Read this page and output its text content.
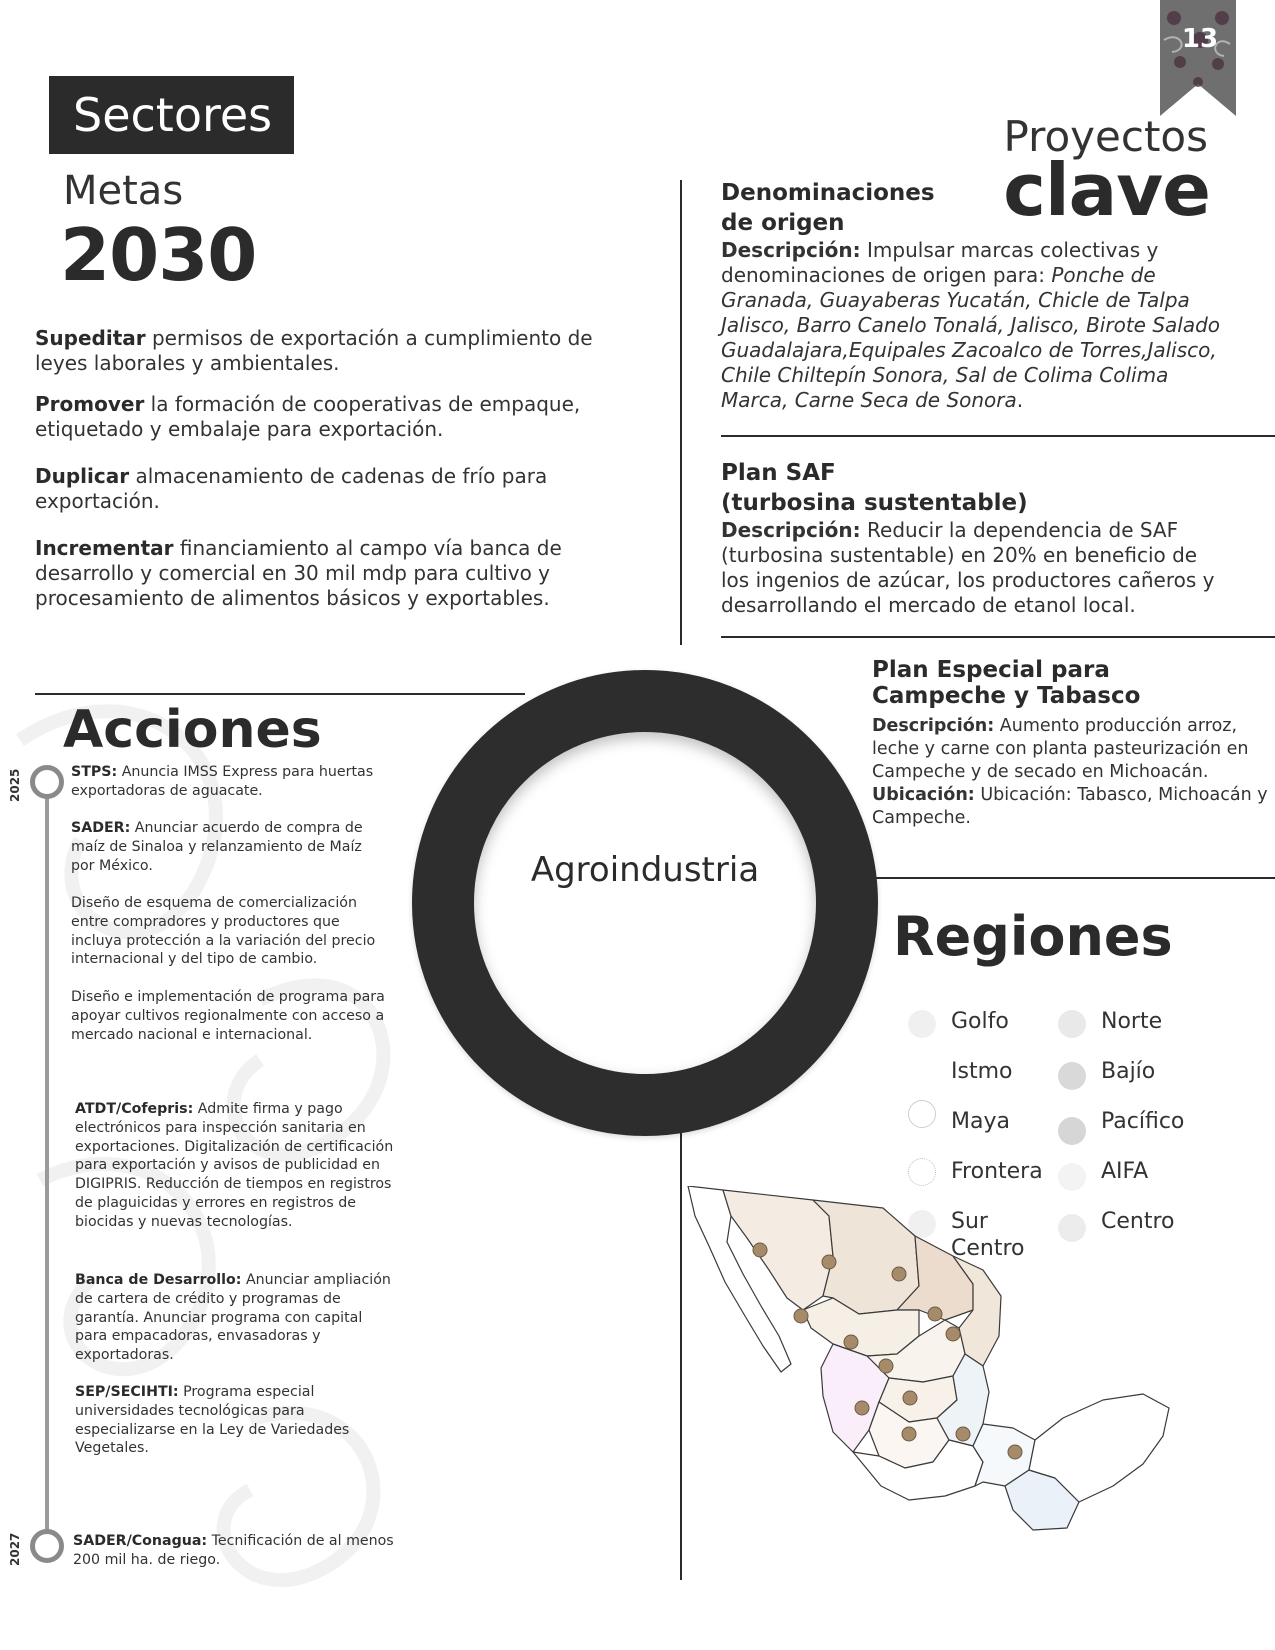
Sectores
Metas
2030
13
Proyectos
clave

Supeditar permisos de exportación a cumplimiento de leyes laborales y ambientales.

Promover la formación de cooperativas de empaque, etiquetado y embalaje para exportación.

Duplicar almacenamiento de cadenas de frío para exportación.

Incrementar financiamiento al campo vía banca de desarrollo y comercial en 30 mil mdp para cultivo y procesamiento de alimentos básicos y exportables.

Denominaciones
de origen

Descripción: Impulsar marcas colectivas y denominaciones de origen para: Ponche de Granada, Guayaberas Yucatán, Chicle de Talpa Jalisco, Barro Canelo Tonalá, Jalisco, Birote Salado Guadalajara,Equipales Zacoalco de Torres,Jalisco, Chile Chiltepín Sonora, Sal de Colima Colima Marca, Carne Seca de Sonora.

Plan SAF
(turbosina sustentable)

Descripción: Reducir la dependencia de SAF (turbosina sustentable) en 20% en beneficio de los ingenios de azúcar, los productores cañeros y desarrollando el mercado de etanol local.

Plan Especial para
Campeche y Tabasco

Descripción: Aumento producción arroz, leche y carne con planta pasteurización en Campeche y de secado en Michoacán.

Ubicación: Ubicación: Tabasco, Michoacán y Campeche.

Agroindustria
Acciones
2025
2027
STPS: Anuncia IMSS Express para huertas exportadoras de aguacate.
SADER: Anunciar acuerdo de compra de maíz de Sinaloa y relanzamiento de Maíz por México.
Diseño de esquema de comercialización entre compradores y productores que incluya protección a la variación del precio internacional y del tipo de cambio.
Diseño e implementación de programa para apoyar cultivos regionalmente con acceso a mercado nacional e internacional.
ATDT/Cofepris: Admite firma y pago electrónicos para inspección sanitaria en exportaciones. Digitalización de certificación para exportación y avisos de publicidad en DIGIPRIS. Reducción de tiempos en registros de plaguicidas y errores en registros de biocidas y nuevas tecnologías.
Banca de Desarrollo: Anunciar ampliación de cartera de crédito y programas de garantía. Anunciar programa con capital para empacadoras, envasadoras y exportadoras.
SEP/SECIHTI: Programa especial universidades tecnológicas para especializarse en la Ley de Variedades Vegetales.
SADER/Conagua: Tecnificación de al menos 200 mil ha. de riego.
Regiones
Golfo
Istmo
Maya
Frontera
Sur
Centro
Norte
Bajío
Pacífico
AIFA
Centro
